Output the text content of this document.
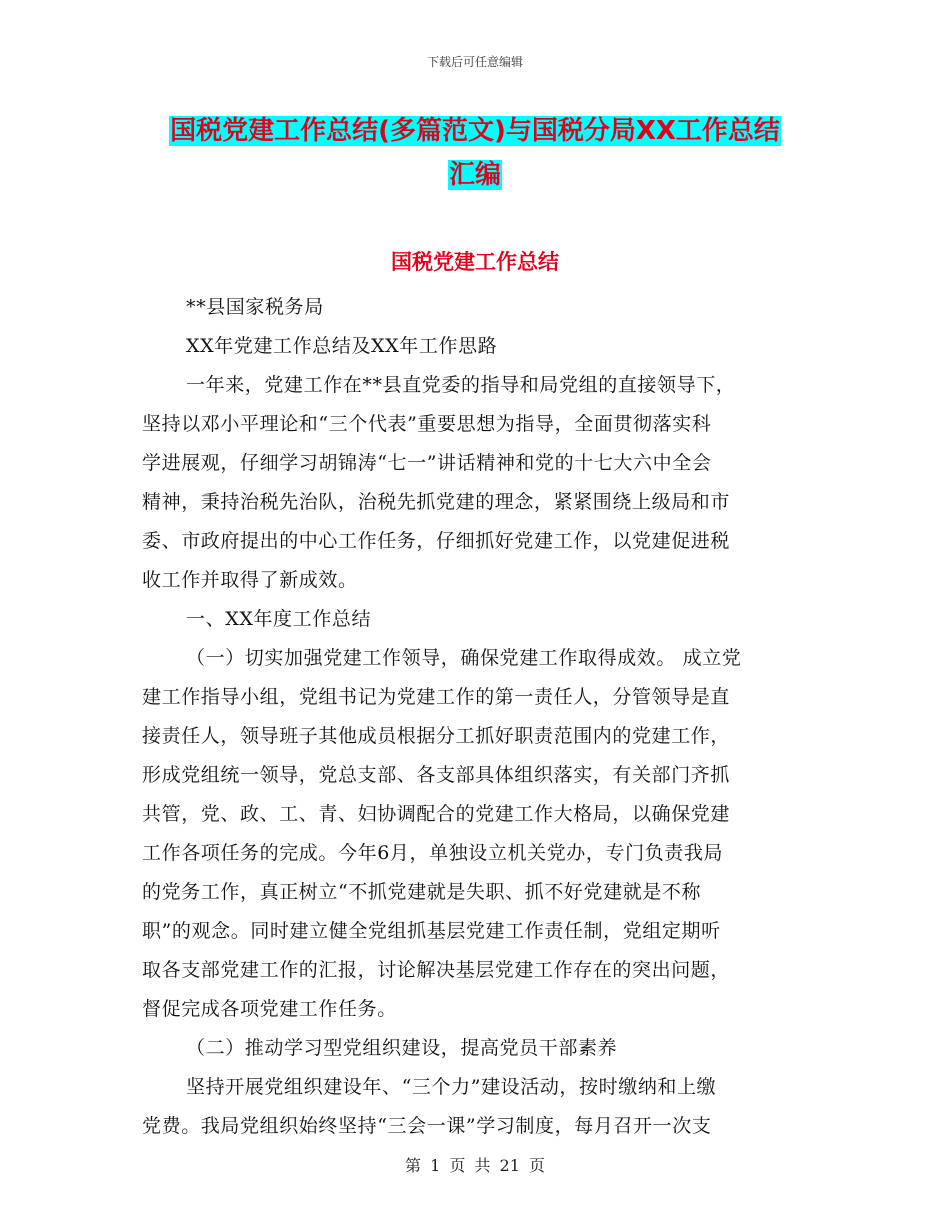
下载后可任意编辑
国税党建工作总结(多篇范文)与国税分局XX工作总结
汇编
国税党建工作总结
**县国家税务局
XX年党建工作总结及XX年工作思路
一年来，党建工作在**县直党委的指导和局党组的直接领导下，
坚持以邓小平理论和“三个代表”重要思想为指导，全面贯彻落实科
学进展观，仔细学习胡锦涛“七一”讲话精神和党的十七大六中全会
精神，秉持治税先治队，治税先抓党建的理念，紧紧围绕上级局和市
委、市政府提出的中心工作任务，仔细抓好党建工作，以党建促进税
收工作并取得了新成效。
一、XX年度工作总结
（一）切实加强党建工作领导，确保党建工作取得成效。 成立党
建工作指导小组，党组书记为党建工作的第一责任人，分管领导是直
接责任人，领导班子其他成员根据分工抓好职责范围内的党建工作，
形成党组统一领导，党总支部、各支部具体组织落实，有关部门齐抓
共管，党、政、工、青、妇协调配合的党建工作大格局，以确保党建
工作各项任务的完成。今年6月，单独设立机关党办，专门负责我局
的党务工作，真正树立“不抓党建就是失职、抓不好党建就是不称
职”的观念。同时建立健全党组抓基层党建工作责任制，党组定期听
取各支部党建工作的汇报，讨论解决基层党建工作存在的突出问题，
督促完成各项党建工作任务。
（二）推动学习型党组织建设，提高党员干部素养
坚持开展党组织建设年、“三个力”建设活动，按时缴纳和上缴
党费。我局党组织始终坚持“三会一课”学习制度，每月召开一次支
第 1 页 共 21 页
